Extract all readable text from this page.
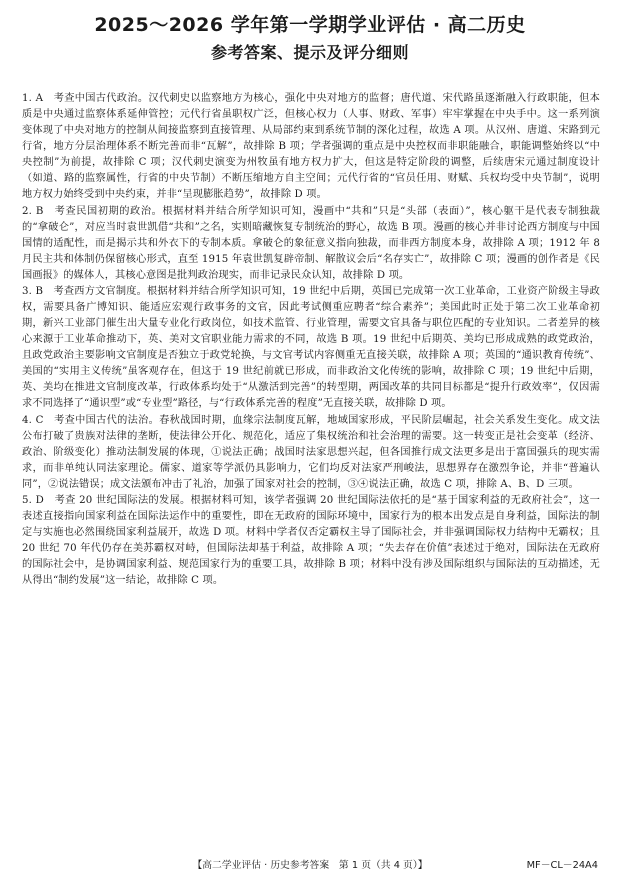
2025～2026 学年第一学期学业评估 · 高二历史
参考答案、提示及评分细则

1. A　考查中国古代政治。汉代刺史以监察地方为核心，强化中央对地方的监督；唐代道、宋代路虽逐渐融入行政职能，但本质是中央通过监察体系延伸管控；元代行省虽职权广泛，但核心权力（人事、财政、军事）牢牢掌握在中央手中。这一系列演变体现了中央对地方的控制从间接监察到直接管理、从局部约束到系统节制的深化过程，故选 A 项。从汉州、唐道、宋路到元行省，地方分层治理体系不断完善而非“瓦解”，故排除 B 项；学者强调的重点是中央控权而非职能融合，职能调整始终以“中央控制”为前提，故排除 C 项；汉代刺史演变为州牧虽有地方权力扩大，但这是特定阶段的调整，后续唐宋元通过制度设计（如道、路的监察属性，行省的中央节制）不断压缩地方自主空间；元代行省的“官员任用、财赋、兵权均受中央节制”，说明地方权力始终受到中央约束，并非“呈现膨胀趋势”，故排除 D 项。

2. B　考查民国初期的政治。根据材料并结合所学知识可知，漫画中“共和”只是“头部（表面）”，核心躯干是代表专制独裁的“拿破仑”，对应当时袁世凯借“共和”之名，实则暗藏恢复专制统治的野心，故选 B 项。漫画的核心并非讨论西方制度与中国国情的适配性，而是揭示共和外衣下的专制本质。拿破仑的象征意义指向独裁，而非西方制度本身，故排除 A 项；1912 年 8 月民主共和体制仍保留核心形式，直至 1915 年袁世凯复辟帝制、解散议会后“名存实亡”，故排除 C 项；漫画的创作者是《民国画报》的媒体人，其核心意图是批判政治现实，而非记录民众认知，故排除 D 项。

3. B　考查西方文官制度。根据材料并结合所学知识可知，19 世纪中后期，英国已完成第一次工业革命，工业资产阶级主导政权，需要具备广博知识、能适应宏观行政事务的文官，因此考试侧重应聘者“综合素养”；美国此时正处于第二次工业革命初期，新兴工业部门催生出大量专业化行政岗位，如技术监管、行业管理，需要文官具备与职位匹配的专业知识。二者差异的核心来源于工业革命推动下，英、美对文官职业能力需求的不同，故选 B 项。19 世纪中后期英、美均已形成成熟的政党政治，且政党政治主要影响文官制度是否独立于政党轮换，与文官考试内容侧重无直接关联，故排除 A 项；英国的“通识教育传统”、美国的“实用主义传统”虽客观存在，但这于 19 世纪前就已形成，而非政治文化传统的影响，故排除 C 项；19 世纪中后期，英、美均在推进文官制度改革，行政体系均处于“从激活到完善”的转型期，两国改革的共同目标都是“提升行政效率”，仅因需求不同选择了“通识型”或“专业型”路径，与“行政体系完善的程度”无直接关联，故排除 D 项。

4. C　考查中国古代的法治。春秋战国时期，血缘宗法制度瓦解，地域国家形成，平民阶层崛起，社会关系发生变化。成文法公布打破了贵族对法律的垄断，使法律公开化、规范化，适应了集权统治和社会治理的需要。这一转变正是社会变革（经济、政治、阶级变化）推动法制发展的体现，①说法正确；战国时法家思想兴起，但各国推行成文法更多是出于富国强兵的现实需求，而非单纯认同法家理论。儒家、道家等学派仍具影响力，它们均反对法家严刑峻法，思想界存在激烈争论，并非“普遍认同”，②说法错误；成文法颁布冲击了礼治，加强了国家对社会的控制，③④说法正确，故选 C 项，排除 A、B、D 三项。

5. D　考查 20 世纪国际法的发展。根据材料可知，该学者强调 20 世纪国际法依托的是“基于国家利益的无政府社会”，这一表述直接指向国家利益在国际法运作中的重要性，即在无政府的国际环境中，国家行为的根本出发点是自身利益，国际法的制定与实施也必然围绕国家利益展开，故选 D 项。材料中学者仅否定霸权主导了国际社会，并非强调国际权力结构中无霸权；且 20 世纪 70 年代仍存在美苏霸权对峙，但国际法却基于利益，故排除 A 项；“失去存在价值”表述过于绝对，国际法在无政府的国际社会中，是协调国家利益、规范国家行为的重要工具，故排除 B 项；材料中没有涉及国际组织与国际法的互动描述，无从得出“制约发展”这一结论，故排除 C 项。

【高二学业评估 · 历史参考答案　第 1 页（共 4 页）】	MF－CL－24A4
